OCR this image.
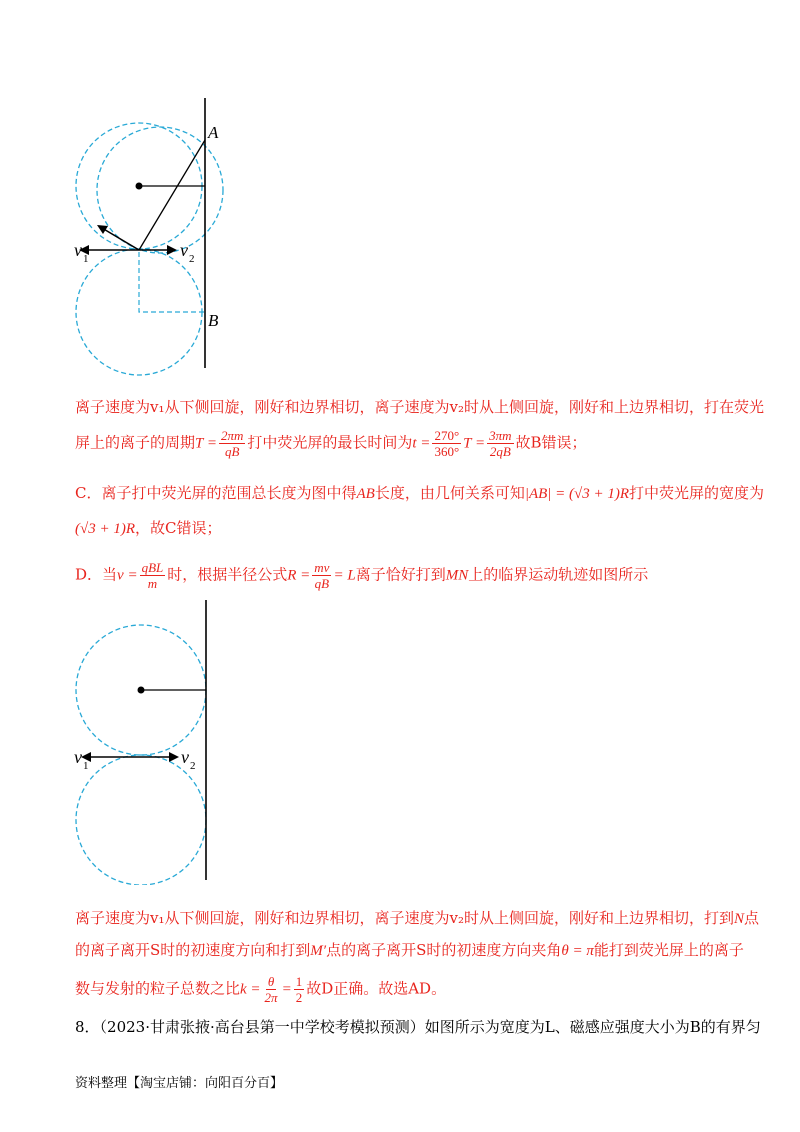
A
B
v 1	v 2
离子速度为v₁从下侧回旋，刚好和边界相切，离子速度为v₂时从上侧回旋，刚好和上边界相切，打在荧光
屏上的离子的周期$T = \frac{2\pi m}{qB}$ 打中荧光屏的最长时间为$t = \frac{270^\circ}{360^\circ}$ $T = \frac{3\pi m}{2qB}$ 故B错误；
C．离子打中荧光屏的范围总长度为图中得AB长度，由几何关系可知|AB| = (√3 + 1)R打中荧光屏的宽度为
(√3 + 1)R，故C错误；
D．当$v = \frac{\text{qBL}}{m}$ 时，根据半径公式$R = \frac{mv}{qB} = L$离子恰好打到MN上的临界运动轨迹如图所示
v 1	v 2
离子速度为v₁从下侧回旋，刚好和边界相切，离子速度为v₂时从上侧回旋，刚好和上边界相切，打到N点
的离子离开S时的初速度方向和打到M′点的离子离开S时的初速度方向夹角θ = π能打到荧光屏上的离子
数与发射的粒子总数之比$k = \frac{\theta}{2\pi} = \frac{1}{2}$ 故D正确。故选AD。
8．（2023·甘肃张掖·高台县第一中学校考模拟预测）如图所示为宽度为L、磁感应强度大小为B的有界匀
资料整理【淘宝店铺：向阳百分百】
